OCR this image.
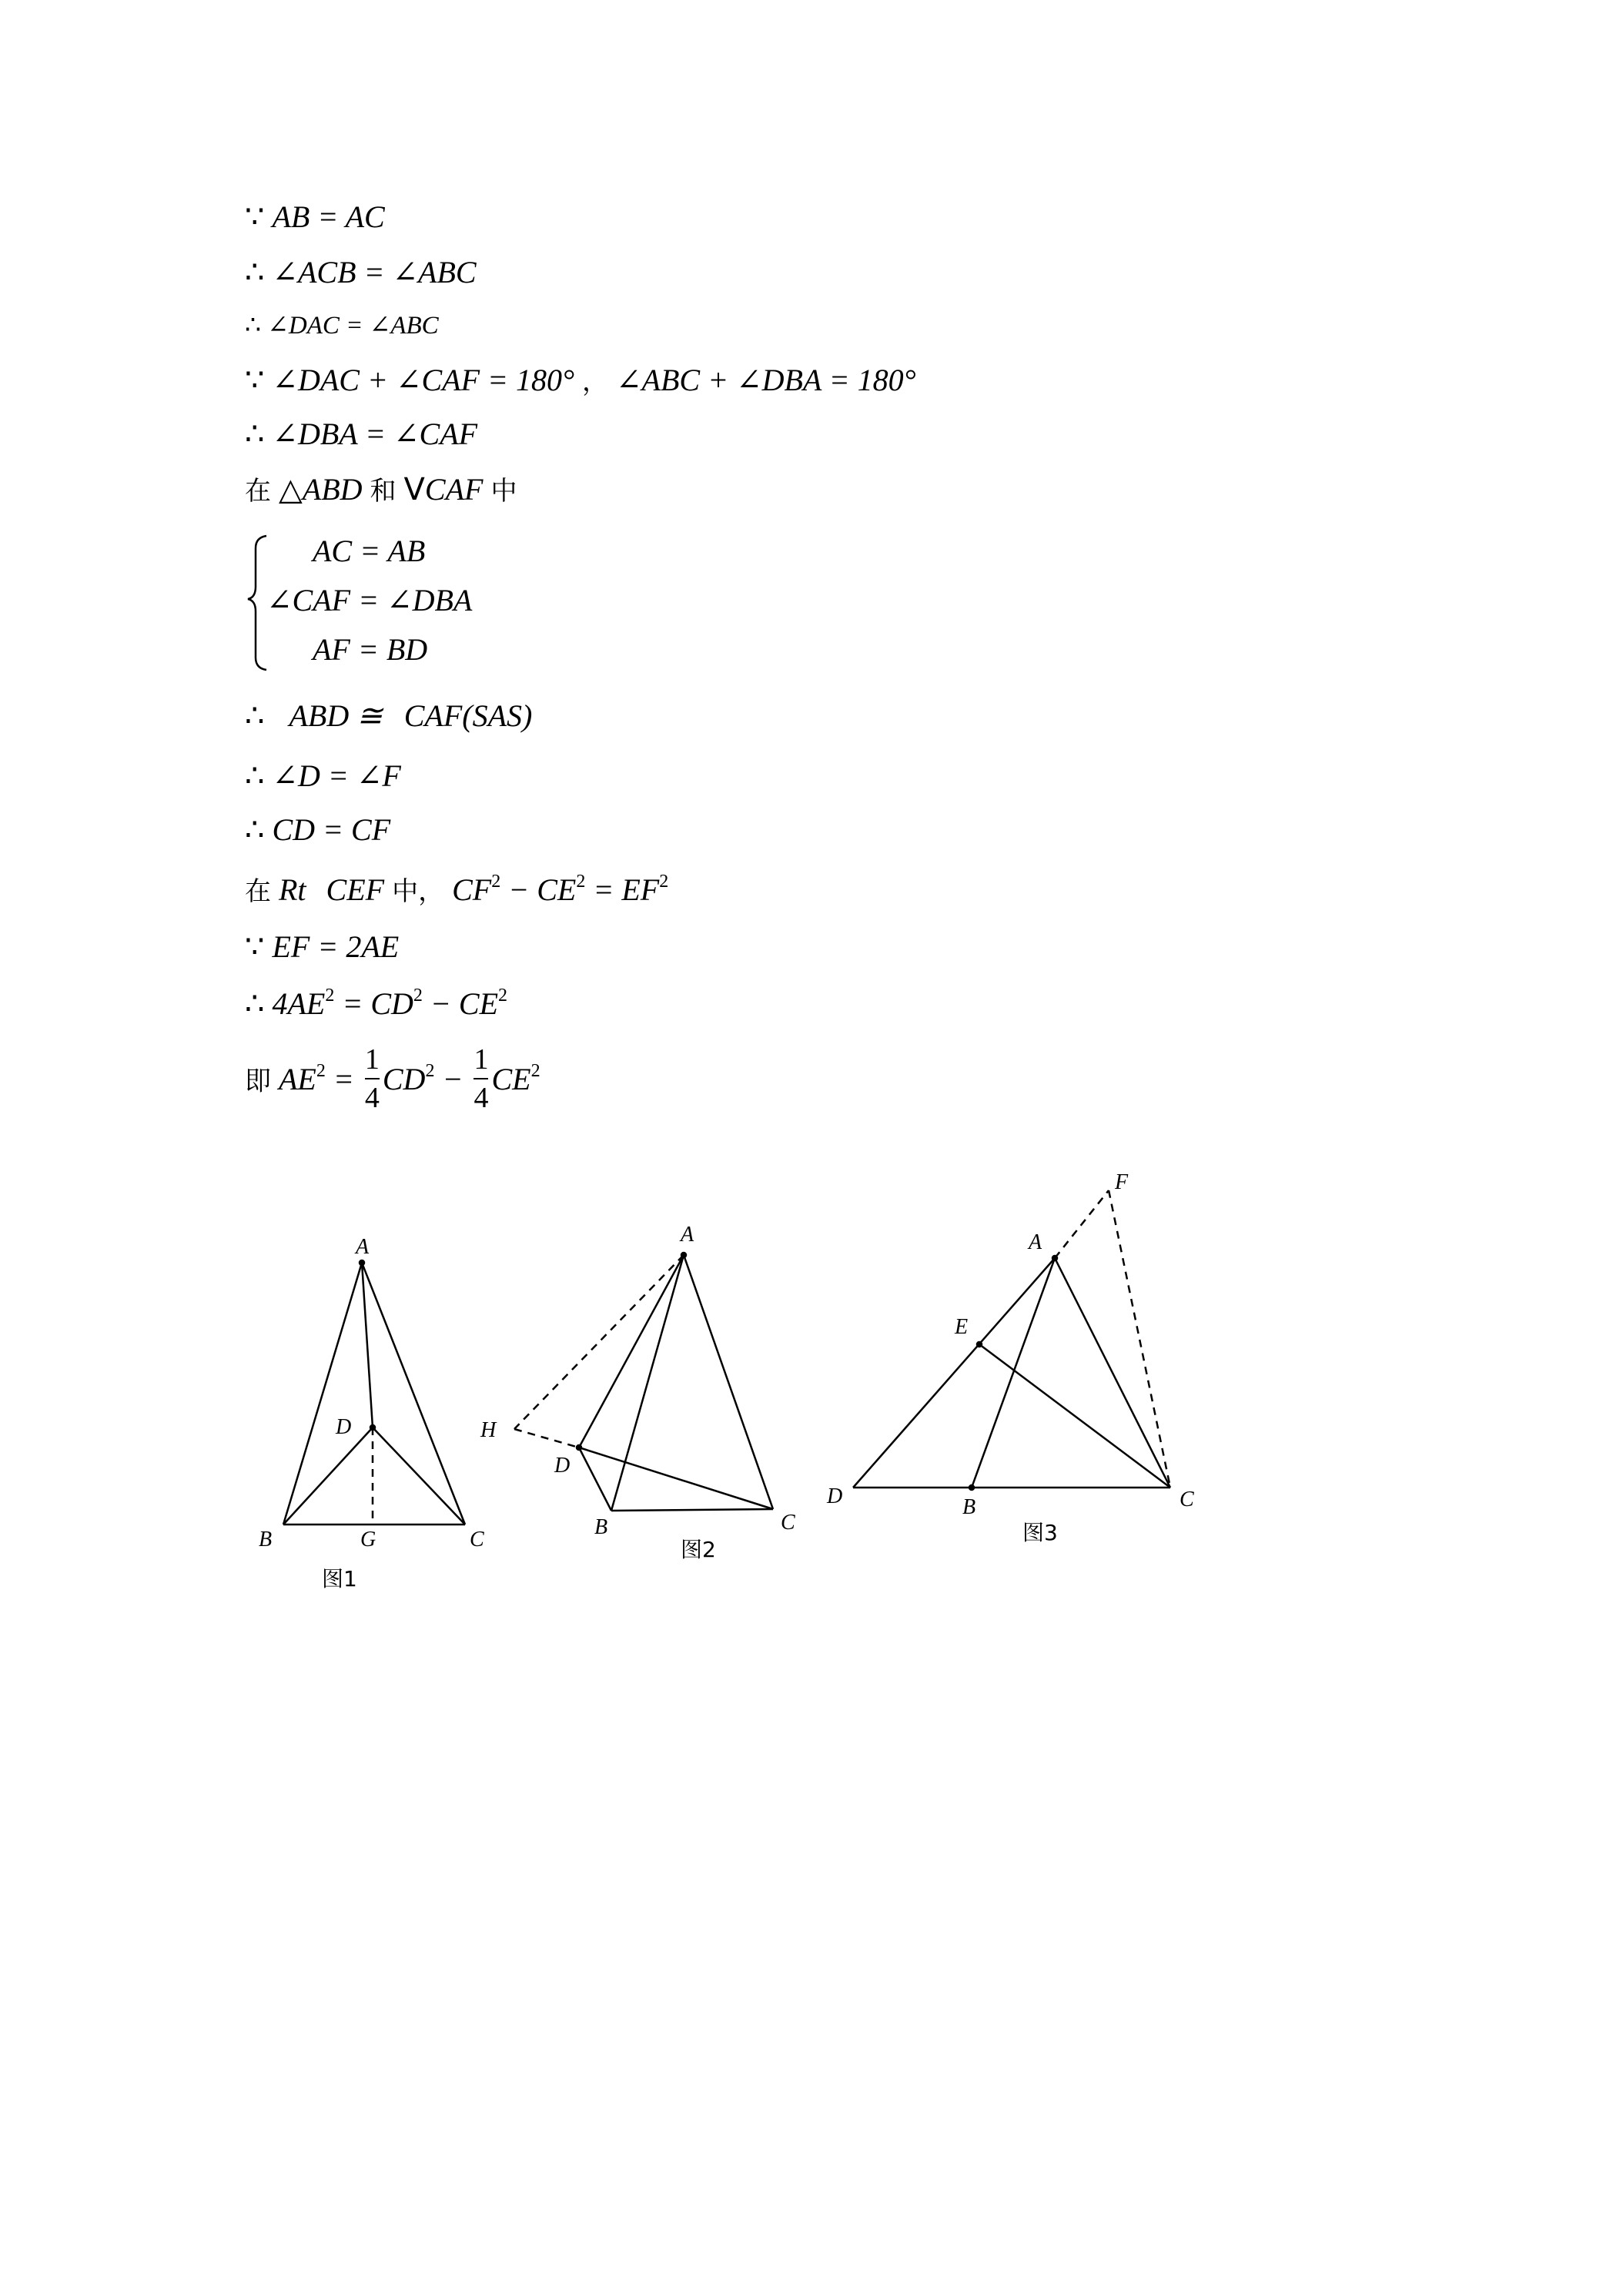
∵ AB = AC
∴ ∠ACB = ∠ABC
∴ ∠DAC = ∠ABC
∵ ∠DAC + ∠CAF = 180° ， ∠ABC + ∠DBA = 180°
∴ ∠DBA = ∠CAF
在 △ABD 和 VCAF 中
AC = AB
∠CAF = ∠DBA
AF = BD
∴ ABD ≅ CAF(SAS)
∴ ∠D = ∠F
∴ CD = CF
在 Rt CEF 中， $CF^2 - CE^2 = EF^2$
∵ EF = 2AE
∴ $4AE^2 = CD^2 - CE^2$
即 $AE^2 = \frac{1}{4} CD^2 - \frac{1}{4} CE^2$
A
D
B	G	C
图1
A
H
D
B	C
图2
F
A
E
D	B	C
图3
